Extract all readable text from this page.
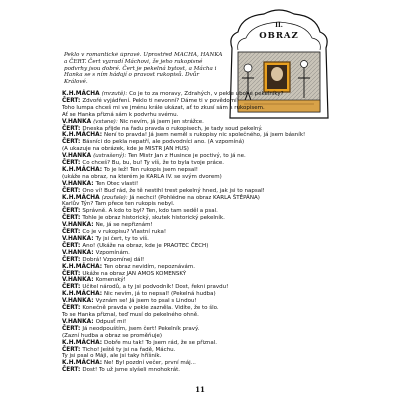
II.
OBRAZ
Peklo v romantické úpravě. Uprostřed MÁCHA, HANKA a ČERT. Čert vyzradí Máchovi, že jeho rukopisné podvrhy jsou dobré. Čert je pekelná bytost, a Mácha i Hanka se s ním hádají o pravost rukopisů. Dvůr Králové.
K.H.MÁCHA (mrzutě): Co je to za moravy, Zdrahých, v pekle ubohé pekelníky?
ČERT: Zdvořé vyjádření. Peklo ti nevonní? Dáme ti v povědomí!
Toho lumpa chceš mi ve jménu krále ukázat, ať to zkusí sám s rukopisem.
Ať se Hanka přizná sám k podvrhu svému.
V.HANKA (vstane): Nic nevím, já jsem jen strážce.
ČERT: Dneska přijde na řadu pravda o rukopisech, je tady soud pekelný.
K.H.MÁCHA: Není to pravda! Já jsem neměl s rukopisy nic společného, já jsem básník!
ČERT: Básníci do pekla nepatří, ale podvodníci ano. (A vzpomíná)
(A ukazuje na obrázek, kde je MISTR JAN HUS)
V.HANKA (ustrašený): Ten Mistr Jan z Husince je poctivý, to já ne.
ČERT: Co chceš? Bu, bu, bu! Ty víš, že to byla tvoje práce.
K.H.MÁCHA: To je lež! Ten rukopis jsem nepsal!
(ukáže na obraz, na kterém je KARLA IV. se svým dvorem)
V.HANKA: Ten Otec vlasti!
ČERT: Ono ví! Buď rád, že tě nestihl trest pekelný hned, jak jsi to napsal!
K.H.MÁCHA (zoufale): Já nechci! (Pohlédne na obraz KARLA ŠTĚPÁNA)
Karlův Týn? Tam přece ten rukopis nebyl.
ČERT: Správně. A kdo to byl? Ten, kdo tam seděl a psal.
ČERT: Tohle je obraz historický, skutek historický pekelník.
V.HANKA: Ne, já se nepřiznám!
ČERT: Co je v rukopisu? Vlastní ruka!
V.HANKA: Ty jsi čert, ty to víš.
ČERT: Ano! (Ukáže na obraz, kde je PRAOTEC ČECH)
V.HANKA: Vzpomínám.
ČERT: Dobrá! Vzpomínej dál!
K.H.MÁCHA: Ten obraz nevidím, nepoznávám.
ČERT: Ukáže na obraz JAN AMOS KOMENSKÝ
V.HANKA: Komenský!
ČERT: Učitel národů, a ty jsi podvodník! Dost, řekni pravdu!
K.H.MÁCHA: Nic nevím, já to nepsal! (Pekelná hudba)
V.HANKA: Vyznám se! Já jsem to psal s Lindou!
ČERT: Konečně pravda v pekle zazněla. Vidíte, že to šlo.
To se Hanka přiznal, teď musí do pekelného ohně.
V.HANKA: Odpusť mi!
ČERT: Já neodpouštím, jsem čert! Pekelník pravý.
(Zazní hudba a obraz se proměňuje)
K.H.MÁCHA: Dobře mu tak! To jsem rád, že se přiznal.
ČERT: Ticho! Ještě ty jsi na řadě, Máchu.
Ty jsi psal o Máji, ale jsi taky hříšník.
K.H.MÁCHA: Ne! Byl pozdní večer, první máj...
ČERT: Dost! To už jsme slyšeli mnohokrát.
11
